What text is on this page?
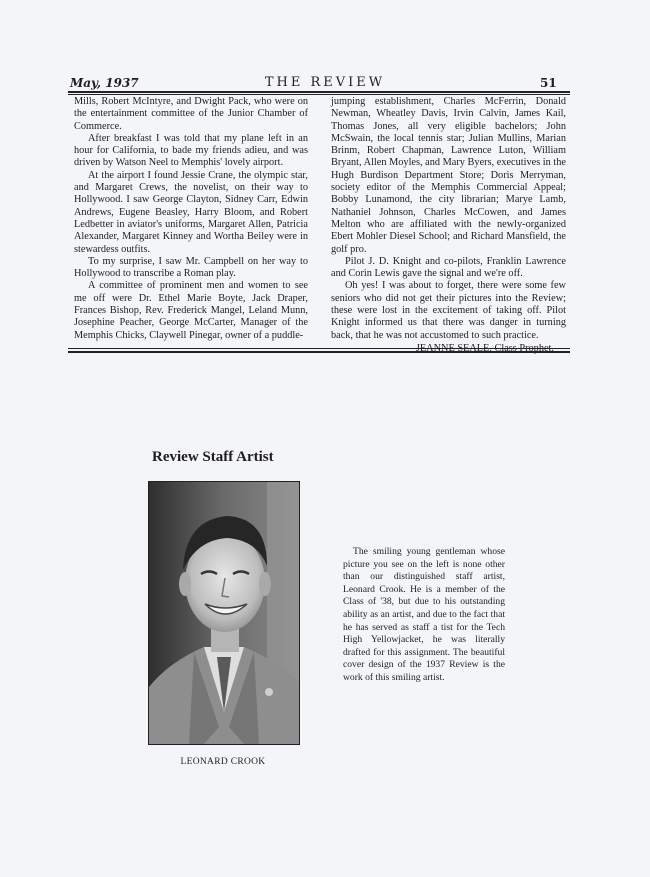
May, 1937	THE REVIEW	51

Mills, Robert McIntyre, and Dwight Pack, who were on the entertainment committee of the Junior Chamber of Commerce.

After breakfast I was told that my plane left in an hour for California, to bade my friends adieu, and was driven by Watson Neel to Memphis' lovely airport.

At the airport I found Jessie Crane, the olympic star, and Margaret Crews, the novelist, on their way to Hollywood. I saw George Clayton, Sidney Carr, Edwin Andrews, Eugene Beasley, Harry Bloom, and Robert Ledbetter in aviator's uniforms, Margaret Allen, Patricia Alexander, Margaret Kinney and Wortha Beiley were in stewardess outfits.

To my surprise, I saw Mr. Campbell on her way to Hollywood to transcribe a Roman play.

A committee of prominent men and women to see me off were Dr. Ethel Marie Boyte, Jack Draper, Frances Bishop, Rev. Frederick Mangel, Leland Munn, Josephine Peacher, George McCarter, Manager of the Memphis Chicks, Claywell Pinegar, owner of a puddle-

jumping establishment, Charles McFerrin, Donald Newman, Wheatley Davis, Irvin Calvin, James Kail, Thomas Jones, all very eligible bachelors; John McSwain, the local tennis star; Julian Mullins, Marian Brinm, Robert Chapman, Lawrence Luton, William Bryant, Allen Moyles, and Mary Byers, executives in the Hugh Burdison Department Store; Doris Merryman, society editor of the Memphis Commercial Appeal; Bobby Lunamond, the city librarian; Marye Lamb, Nathaniel Johnson, Charles McCowen, and James Melton who are affiliated with the newly-organized Ebert Mohler Diesel School; and Richard Mansfield, the golf pro.

Pilot J. D. Knight and co-pilots, Franklin Lawrence and Corin Lewis gave the signal and we're off.

Oh yes! I was about to forget, there were some few seniors who did not get their pictures into the Review; these were lost in the excitement of taking off. Pilot Knight informed us that there was danger in turning back, that he was not accustomed to such practice.

JEANNE SEALE, Class Prophet.
Review Staff Artist
LEONARD CROOK
The smiling young gentleman whose picture you see on the left is none other than our distinguished staff artist, Leonard Crook. He is a member of the Class of '38, but due to his outstanding ability as an artist, and due to the fact that he has served as staff a tist for the Tech High Yellowjacket, he was literally drafted for this assignment. The beautiful cover design of the 1937 Review is the work of this smiling artist.
